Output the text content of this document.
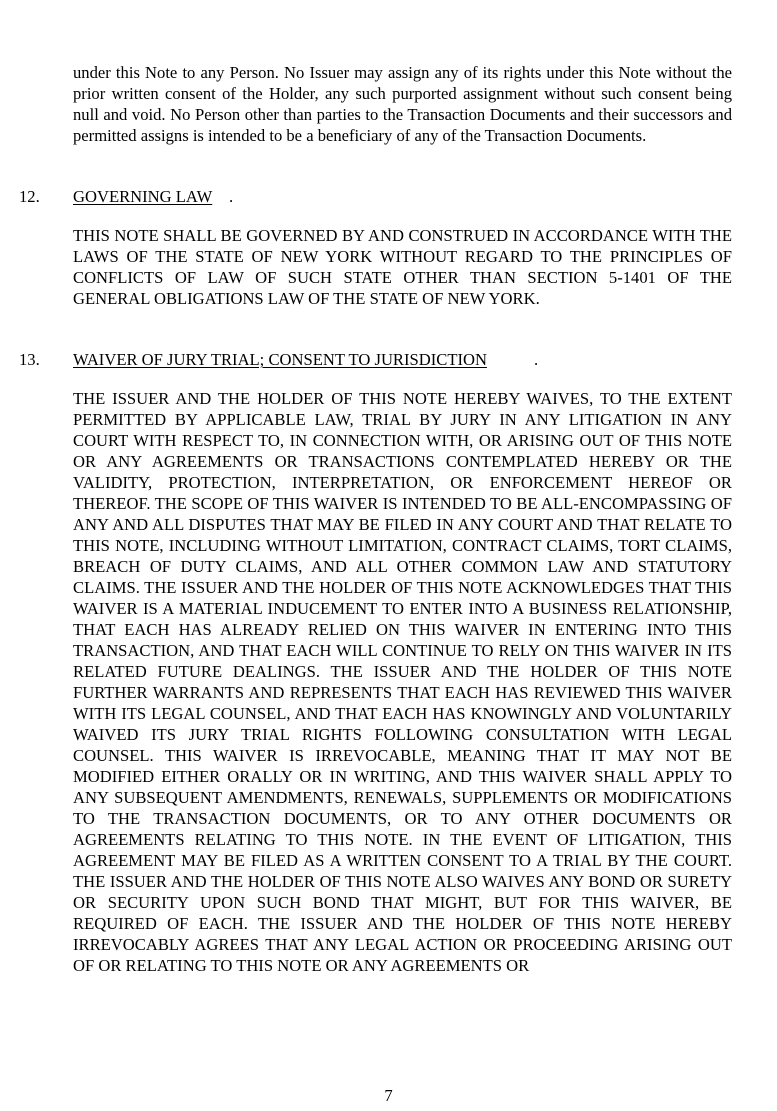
under this Note to any Person. No Issuer may assign any of its rights under this Note without the prior written consent of the Holder, any such purported assignment without such consent being null and void. No Person other than parties to the Transaction Documents and their successors and permitted assigns is intended to be a beneficiary of any of the Transaction Documents.

12. GOVERNING LAW .

THIS NOTE SHALL BE GOVERNED BY AND CONSTRUED IN ACCORDANCE WITH THE LAWS OF THE STATE OF NEW YORK WITHOUT REGARD TO THE PRINCIPLES OF CONFLICTS OF LAW OF SUCH STATE OTHER THAN SECTION 5-1401 OF THE GENERAL OBLIGATIONS LAW OF THE STATE OF NEW YORK.

13. WAIVER OF JURY TRIAL; CONSENT TO JURISDICTION	.

THE ISSUER AND THE HOLDER OF THIS NOTE HEREBY WAIVES, TO THE EXTENT PERMITTED BY APPLICABLE LAW, TRIAL BY JURY IN ANY LITIGATION IN ANY COURT WITH RESPECT TO, IN CONNECTION WITH, OR ARISING OUT OF THIS NOTE OR ANY AGREEMENTS OR TRANSACTIONS CONTEMPLATED HEREBY OR THE VALIDITY, PROTECTION, INTERPRETATION, OR ENFORCEMENT HEREOF OR THEREOF. THE SCOPE OF THIS WAIVER IS INTENDED TO BE ALL-ENCOMPASSING OF ANY AND ALL DISPUTES THAT MAY BE FILED IN ANY COURT AND THAT RELATE TO THIS NOTE, INCLUDING WITHOUT LIMITATION, CONTRACT CLAIMS, TORT CLAIMS, BREACH OF DUTY CLAIMS, AND ALL OTHER COMMON LAW AND STATUTORY CLAIMS. THE ISSUER AND THE HOLDER OF THIS NOTE ACKNOWLEDGES THAT THIS WAIVER IS A MATERIAL INDUCEMENT TO ENTER INTO A BUSINESS RELATIONSHIP, THAT EACH HAS ALREADY RELIED ON THIS WAIVER IN ENTERING INTO THIS TRANSACTION, AND THAT EACH WILL CONTINUE TO RELY ON THIS WAIVER IN ITS RELATED FUTURE DEALINGS. THE ISSUER AND THE HOLDER OF THIS NOTE FURTHER WARRANTS AND REPRESENTS THAT EACH HAS REVIEWED THIS WAIVER WITH ITS LEGAL COUNSEL, AND THAT EACH HAS KNOWINGLY AND VOLUNTARILY WAIVED ITS JURY TRIAL RIGHTS FOLLOWING CONSULTATION WITH LEGAL COUNSEL. THIS WAIVER IS IRREVOCABLE, MEANING THAT IT MAY NOT BE MODIFIED EITHER ORALLY OR IN WRITING, AND THIS WAIVER SHALL APPLY TO ANY SUBSEQUENT AMENDMENTS, RENEWALS, SUPPLEMENTS OR MODIFICATIONS TO THE TRANSACTION DOCUMENTS, OR TO ANY OTHER DOCUMENTS OR AGREEMENTS RELATING TO THIS NOTE. IN THE EVENT OF LITIGATION, THIS AGREEMENT MAY BE FILED AS A WRITTEN CONSENT TO A TRIAL BY THE COURT. THE ISSUER AND THE HOLDER OF THIS NOTE ALSO WAIVES ANY BOND OR SURETY OR SECURITY UPON SUCH BOND THAT MIGHT, BUT FOR THIS WAIVER, BE REQUIRED OF EACH. THE ISSUER AND THE HOLDER OF THIS NOTE HEREBY IRREVOCABLY AGREES THAT ANY LEGAL ACTION OR PROCEEDING ARISING OUT OF OR RELATING TO THIS NOTE OR ANY AGREEMENTS OR

7
